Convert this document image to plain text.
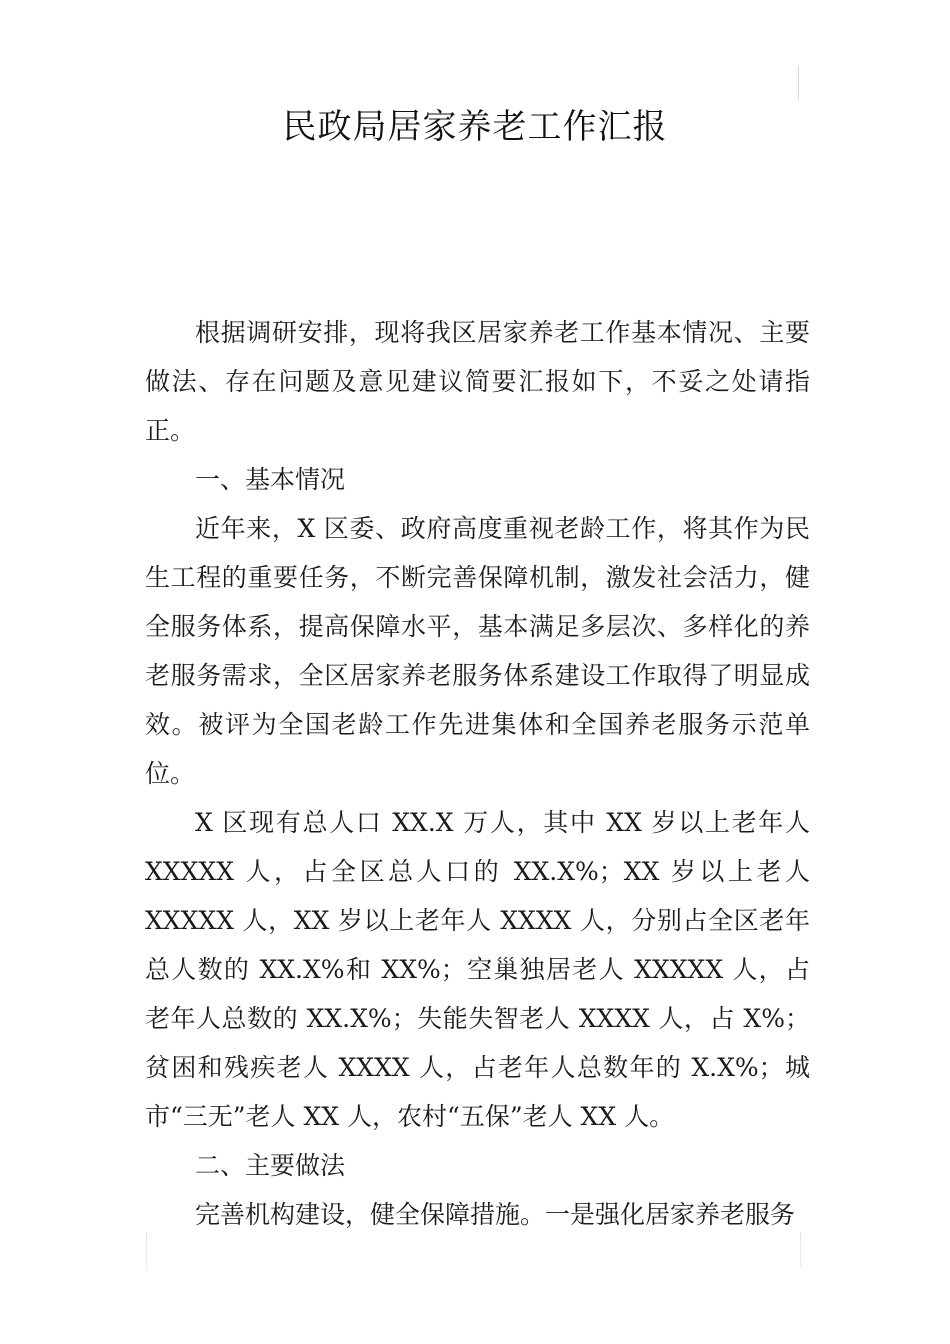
民政局居家养老工作汇报

根据调研安排，现将我区居家养老工作基本情况、主要做法、存在问题及意见建议简要汇报如下，不妥之处请指正。

一、基本情况

近年来，X 区委、政府高度重视老龄工作，将其作为民生工程的重要任务，不断完善保障机制，激发社会活力，健全服务体系，提高保障水平，基本满足多层次、多样化的养老服务需求，全区居家养老服务体系建设工作取得了明显成效。被评为全国老龄工作先进集体和全国养老服务示范单位。

X 区现有总人口 XX.X 万人，其中 XX 岁以上老年人 XXXXX 人，占全区总人口的 XX.X%；XX 岁以上老人 XXXXX 人，XX 岁以上老年人 XXXX 人，分别占全区老年总人数的 XX.X%和 XX%；空巢独居老人 XXXXX 人，占老年人总数的 XX.X%；失能失智老人 XXXX 人，占 X%；贫困和残疾老人 XXXX 人，占老年人总数年的 X.X%；城市“三无”老人 XX 人，农村“五保”老人 XX 人。

二、主要做法

完善机构建设，健全保障措施。一是强化居家养老服务
